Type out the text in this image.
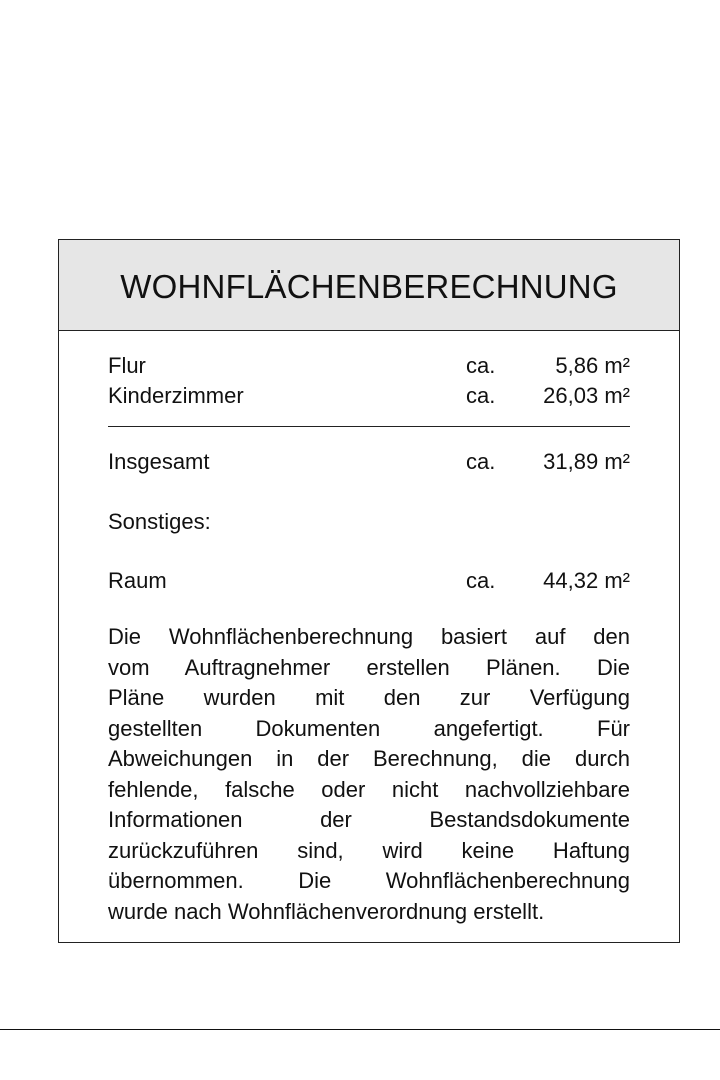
WOHNFLÄCHENBERECHNUNG
Flur	ca.	5,86 m²
Kinderzimmer	ca. 26,03 m²
Insgesamt	ca. 31,89 m²
Sonstiges:
Raum	ca. 44,32 m²
Die Wohnflächenberechnung basiert auf den
vom Auftragnehmer erstellen Plänen. Die
Pläne wurden mit den zur Verfügung
gestellten Dokumenten angefertigt. Für
Abweichungen in der Berechnung, die durch
fehlende, falsche oder nicht nachvollziehbare
Informationen der Bestandsdokumente
zurückzuführen sind, wird keine Haftung
übernommen. Die Wohnflächenberechnung
wurde nach Wohnflächenverordnung erstellt.
